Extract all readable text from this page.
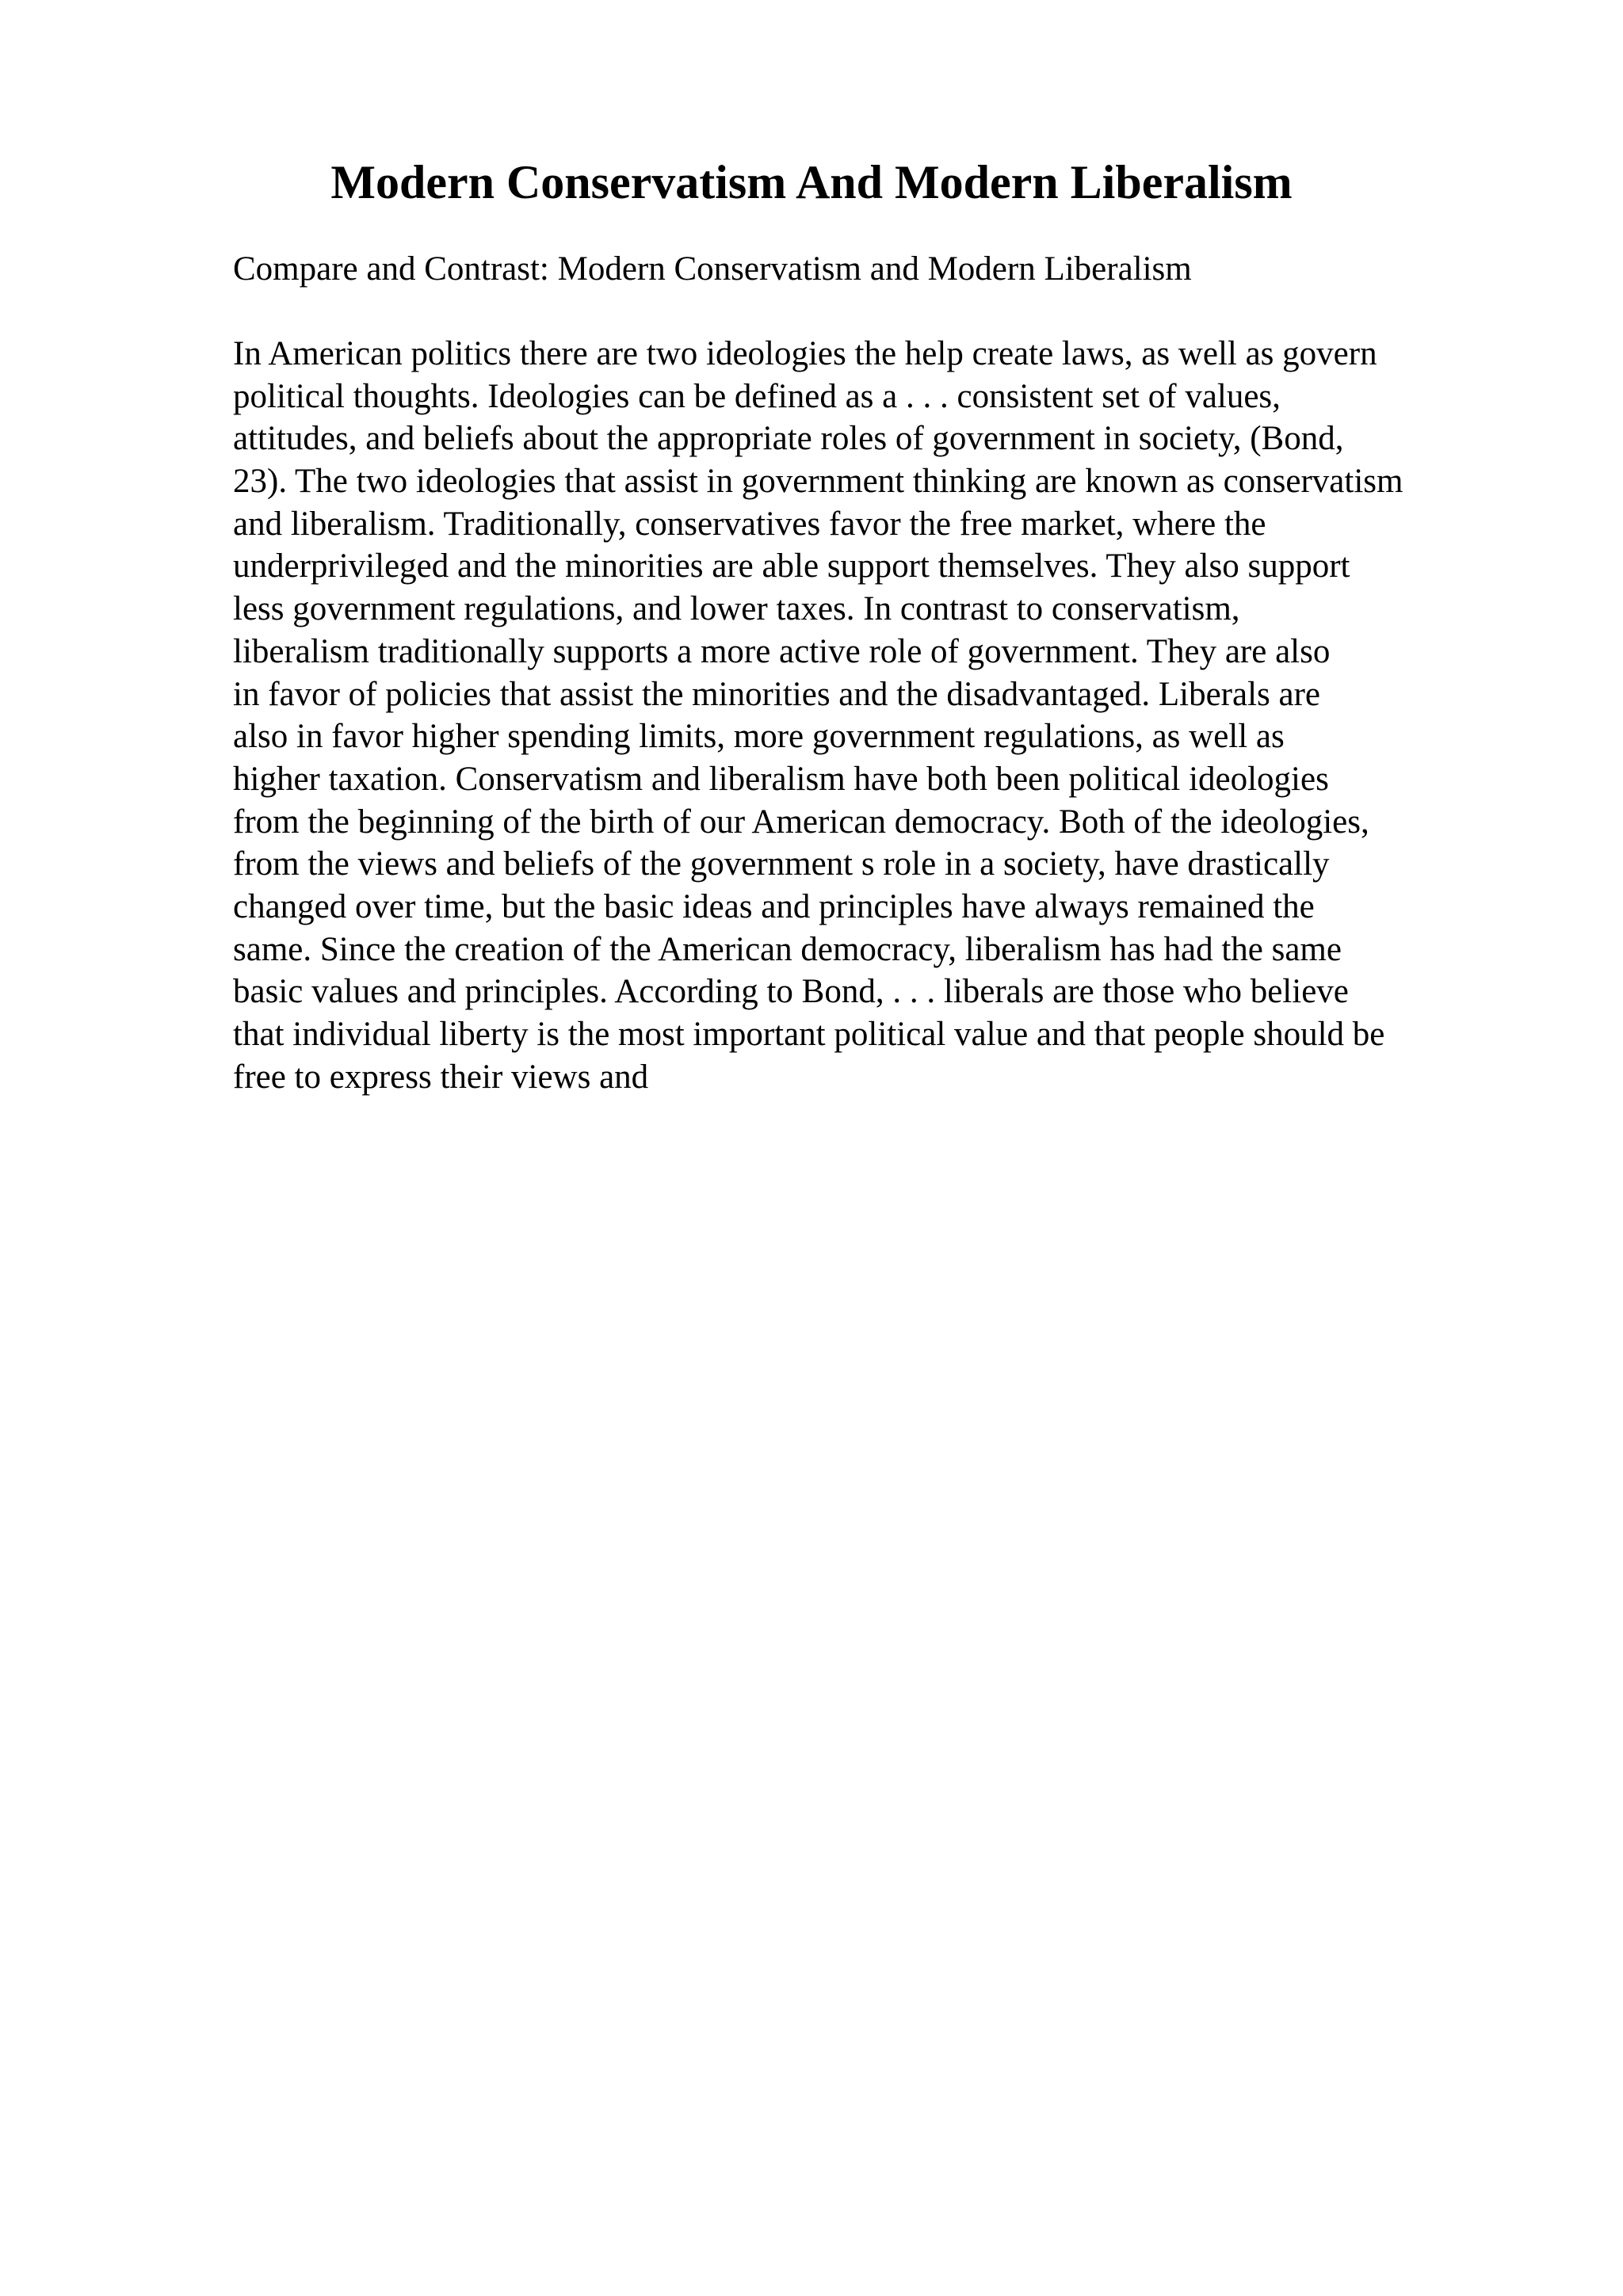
Modern Conservatism And Modern Liberalism

Compare and Contrast: Modern Conservatism and Modern Liberalism

In American politics there are two ideologies the help create laws, as well as govern
political thoughts. Ideologies can be defined as a . . . consistent set of values,
attitudes, and beliefs about the appropriate roles of government in society, (Bond,
23). The two ideologies that assist in government thinking are known as conservatism
and liberalism. Traditionally, conservatives favor the free market, where the
underprivileged and the minorities are able support themselves. They also support
less government regulations, and lower taxes. In contrast to conservatism,
liberalism traditionally supports a more active role of government. They are also
in favor of policies that assist the minorities and the disadvantaged. Liberals are
also in favor higher spending limits, more government regulations, as well as
higher taxation. Conservatism and liberalism have both been political ideologies
from the beginning of the birth of our American democracy. Both of the ideologies,
from the views and beliefs of the government s role in a society, have drastically
changed over time, but the basic ideas and principles have always remained the
same. Since the creation of the American democracy, liberalism has had the same
basic values and principles. According to Bond, . . . liberals are those who believe
that individual liberty is the most important political value and that people should be
free to express their views and
